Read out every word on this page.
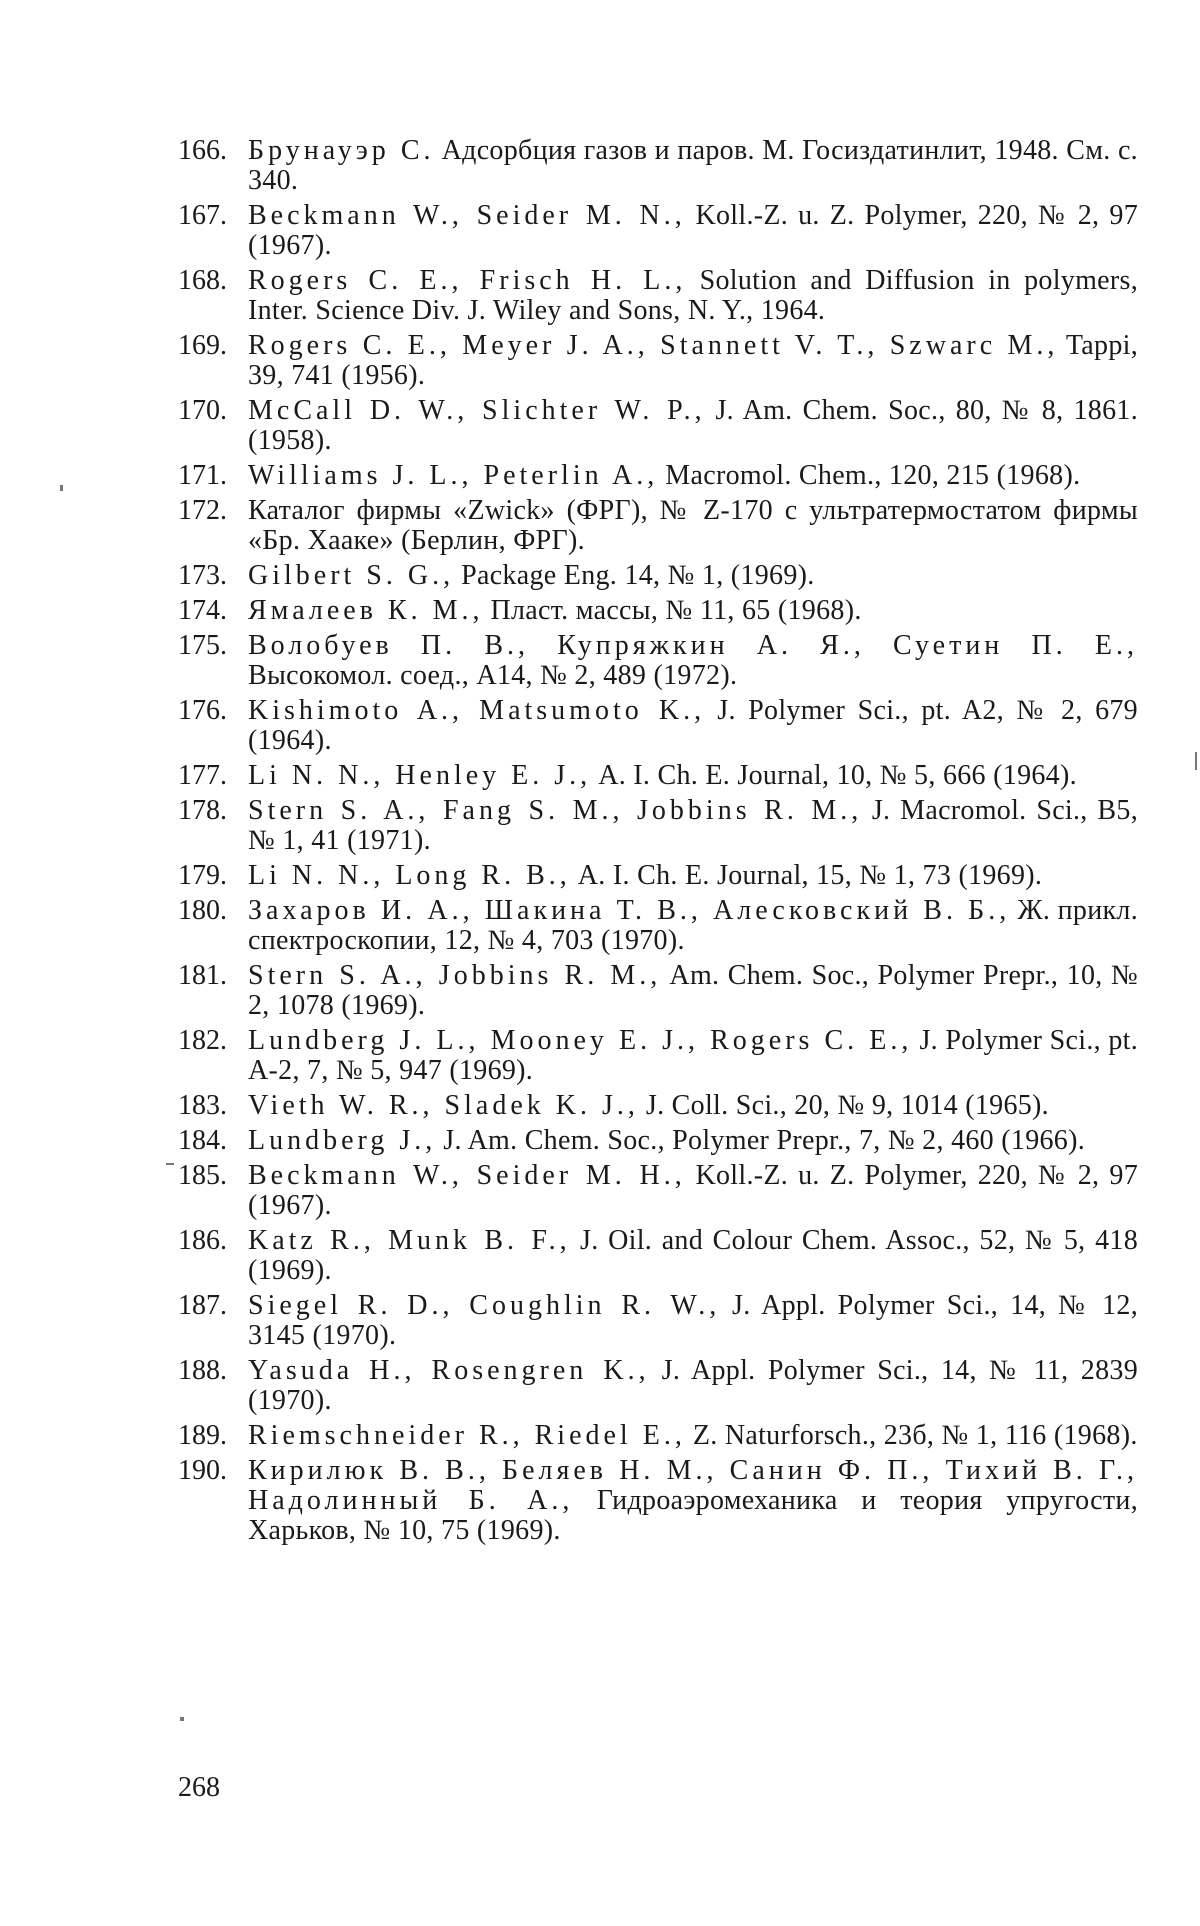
166. Брунауэр С. Адсорбция газов и паров. М. Госиздатинлит, 1948. См. с. 340.
167. Beckmann W., Seider M. N., Koll.-Z. u. Z. Polymer, 220, № 2, 97 (1967).
168. Rogers C. E., Frisch H. L., Solution and Diffusion in polymers, Inter. Science Div. J. Wiley and Sons, N. Y., 1964.
169. Rogers C. E., Meyer J. A., Stannett V. T., Szwarc M., Tappi, 39, 741 (1956).
170. McCall D. W., Slichter W. P., J. Am. Chem. Soc., 80, № 8, 1861. (1958).
171. Williams J. L., Peterlin A., Macromol. Chem., 120, 215 (1968).
172. Каталог фирмы «Zwick» (ФРГ), № Z-170 с ультратермостатом фирмы «Бр. Хааке» (Берлин, ФРГ).
173. Gilbert S. G., Package Eng. 14, № 1, (1969).
174. Ямалеев К. М., Пласт. массы, № 11, 65 (1968).
175. Волобуев П. В., Купряжкин А. Я., Суетин П. Е., Высокомол. соед., А14, № 2, 489 (1972).
176. Kishimoto A., Matsumoto K., J. Polymer Sci., pt. A2, № 2, 679 (1964).
177. Li N. N., Henley E. J., A. I. Ch. E. Journal, 10, № 5, 666 (1964).
178. Stern S. A., Fang S. M., Jobbins R. M., J. Macromol. Sci., B5, № 1, 41 (1971).
179. Li N. N., Long R. B., A. I. Ch. E. Journal, 15, № 1, 73 (1969).
180. Захаров И. А., Шакина Т. В., Алесковский В. Б., Ж. прикл. спектроскопии, 12, № 4, 703 (1970).
181. Stern S. A., Jobbins R. M., Am. Chem. Soc., Polymer Prepr., 10, № 2, 1078 (1969).
182. Lundberg J. L., Mooney E. J., Rogers C. E., J. Polymer Sci., pt. A-2, 7, № 5, 947 (1969).
183. Vieth W. R., Sladek K. J., J. Coll. Sci., 20, № 9, 1014 (1965).
184. Lundberg J., J. Am. Chem. Soc., Polymer Prepr., 7, № 2, 460 (1966).
185. Beckmann W., Seider M. H., Koll.-Z. u. Z. Polymer, 220, № 2, 97 (1967).
186. Katz R., Munk B. F., J. Oil. and Colour Chem. Assoc., 52, № 5, 418 (1969).
187. Siegel R. D., Coughlin R. W., J. Appl. Polymer Sci., 14, № 12, 3145 (1970).
188. Yasuda H., Rosengren K., J. Appl. Polymer Sci., 14, № 11, 2839 (1970).
189. Riemschneider R., Riedel E., Z. Naturforsch., 23б, № 1, 116 (1968).
190. Кирилюк В. В., Беляев Н. М., Санин Ф. П., Тихий В. Г., Надолинный Б. А., Гидроаэромеханика и теория упругости, Харьков, № 10, 75 (1969).
268
